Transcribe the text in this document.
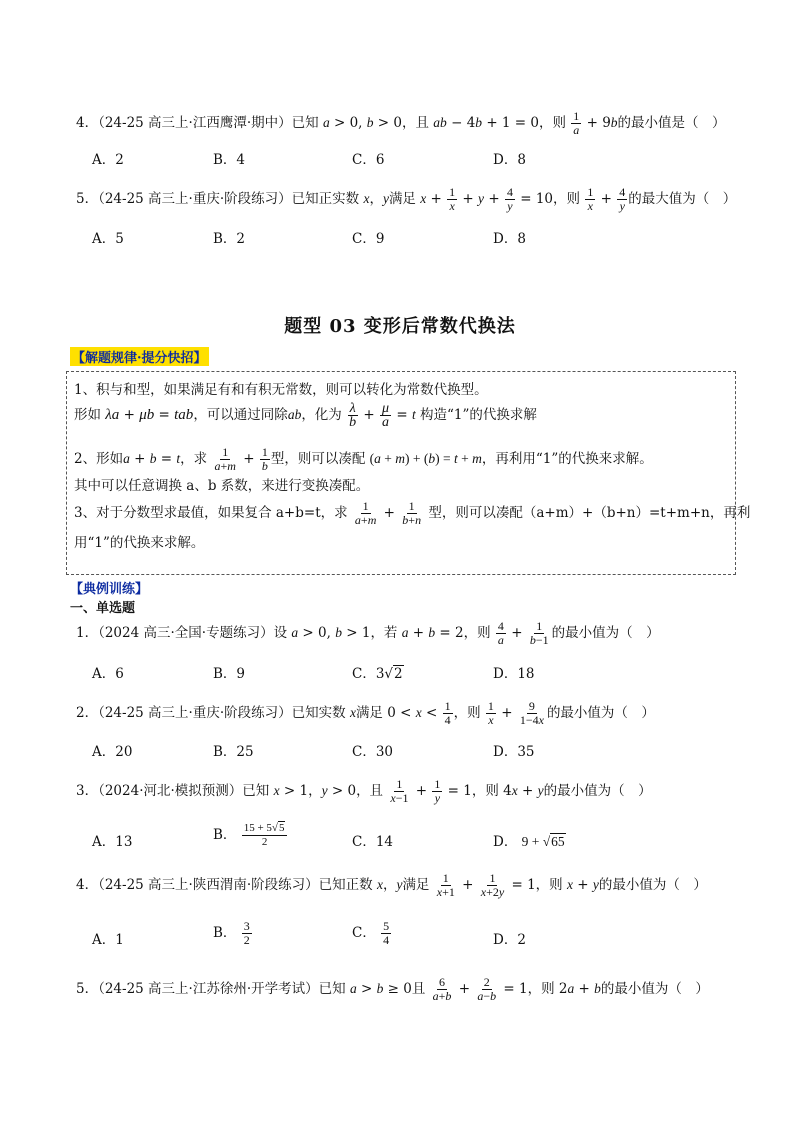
4．（24-25 高三上·江西鹰潭·期中）已知 a > 0, b > 0，且 ab − 4b + 1 = 0，则 $\frac{1}{a} + 9b$的最小值是（　）
A．2	B．4	C．6	D．8
5．（24-25 高三上·重庆·阶段练习）已知正实数 x，y满足 $x + \frac{1}{x} + y + \frac{4}{y} = 10$，则 $\frac{1}{x} + \frac{4}{y}$ 的最大值为（　）
A．5	B．2	C．9	D．8
题型 03 变形后常数代换法
【解题规律·提分快招】
1、积与和型，如果满足有和有积无常数，则可以转化为常数代换型。
形如 λa + μb = tab，可以通过同除ab，化为 $\frac{\lambda}{b} + \frac{\mu}{a} = t$ 构造“1”的代换求解
2、形如a + b = t，求 $\frac{1}{a+m} + \frac{1}{b}$ 型，则可以凑配 (a + m) + (b) = t + m，再利用“1”的代换来求解。
其中可以任意调换 a、b 系数，来进行变换凑配。
3、对于分数型求最值，如果复合 a+b=t，求 $\frac{1}{a+m} + \frac{1}{b+n}$ 型，则可以凑配（a+m）+（b+n）=t+m+n，再利
用“1”的代换来求解。
【典例训练】
一、单选题
1．（2024 高三·全国·专题练习）设 a > 0, b > 1，若 a + b = 2，则 $\frac{4}{a} + \frac{1}{b-1}$ 的最小值为（　）
A．6	B．9	C．3√2	D．18
2．（24-25 高三上·重庆·阶段练习）已知实数 x满足 $0 < x < \frac{1}{4}$ ，则 $\frac{1}{x} + \frac{9}{1-4x}$ 的最小值为（　）
A．20	B．25	C．30	D．35
3．（2024·河北·模拟预测）已知 x > 1，y > 0，且 $\frac{1}{x-1} + \frac{1}{y} = 1$，则 4x + y的最小值为（　）
A．13	B． $\frac{15 + 5√5}{2}$	C．14	D． 9 + √65
4．（24-25 高三上·陕西渭南·阶段练习）已知正数 x，y满足 $\frac{1}{x+1} + \frac{1}{x+2y} = 1$，则 x + y的最小值为（　）
A．1	B． $\frac{3}{2}$	C． $\frac{5}{4}$	D．2
5．（24-25 高三上·江苏徐州·开学考试）已知 a > b ≥ 0且 $\frac{6}{a+b} + \frac{2}{a-b} = 1$，则 2a + b的最小值为（　）
